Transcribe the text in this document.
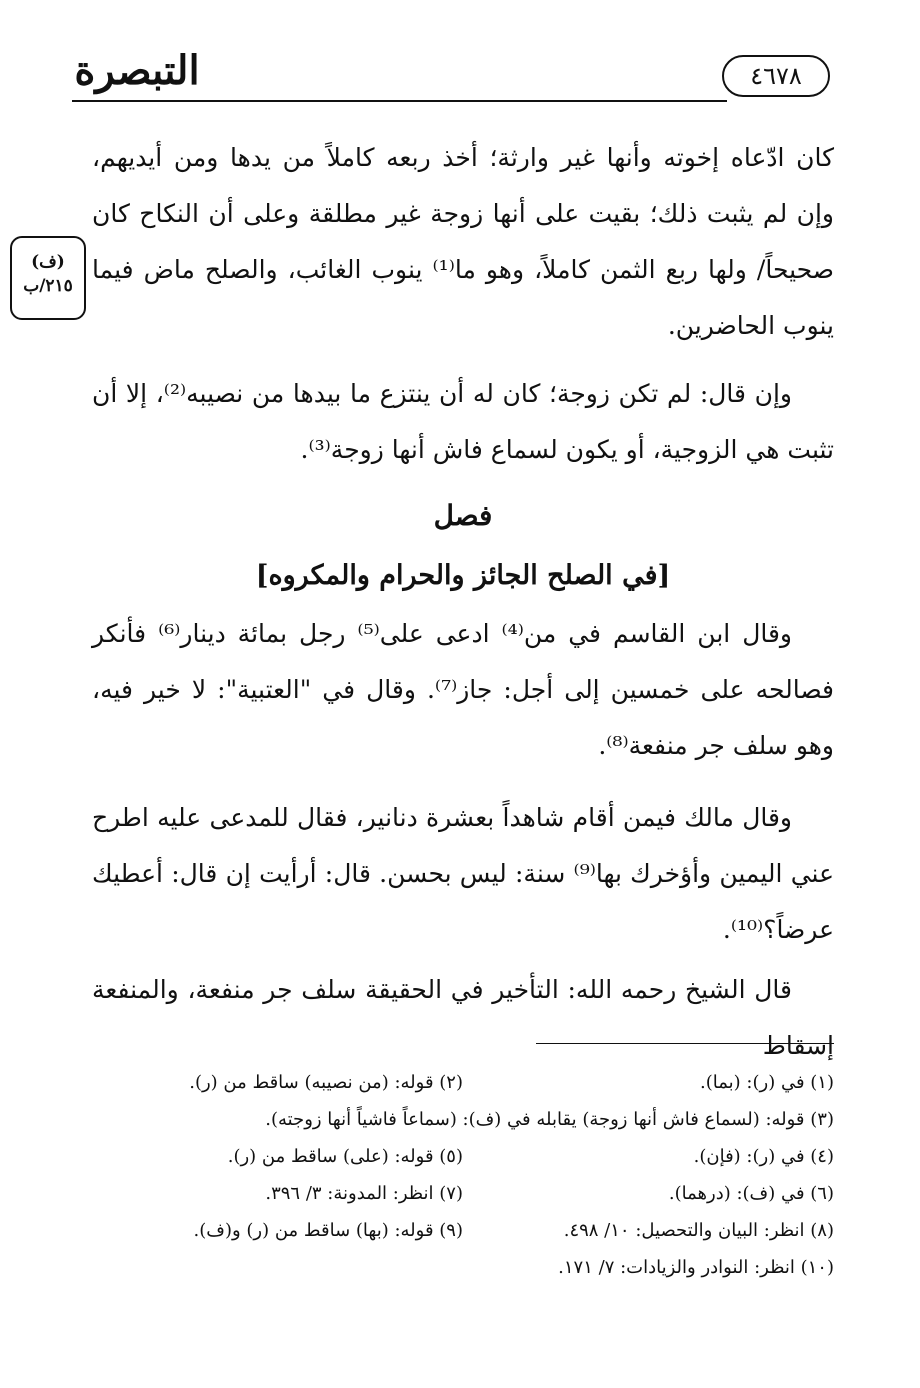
٤٦٧٨
التبصرة
(ف)
٢١٥/ب
كان ادّعاه إخوته وأنها غير وارثة؛ أخذ ربعه كاملاً من يدها ومن أيديهم، وإن لم يثبت ذلك؛ بقيت على أنها زوجة غير مطلقة وعلى أن النكاح كان صحيحاً/ ولها ربع الثمن كاملاً، وهو ما⁽¹⁾ ينوب الغائب، والصلح ماض فيما ينوب الحاضرين.
وإن قال: لم تكن زوجة؛ كان له أن ينتزع ما بيدها من نصيبه⁽²⁾، إلا أن تثبت هي الزوجية، أو يكون لسماع فاش أنها زوجة⁽³⁾.
فصل
[في الصلح الجائز والحرام والمكروه]
وقال ابن القاسم في من⁽⁴⁾ ادعى على⁽⁵⁾ رجل بمائة دينار⁽⁶⁾ فأنكر فصالحه على خمسين إلى أجل: جاز⁽⁷⁾. وقال في "العتبية": لا خير فيه، وهو سلف جر منفعة⁽⁸⁾.
وقال مالك فيمن أقام شاهداً بعشرة دنانير، فقال للمدعى عليه اطرح عني اليمين وأؤخرك بها⁽⁹⁾ سنة: ليس بحسن. قال: أرأيت إن قال: أعطيك عرضاً؟⁽¹⁰⁾.
قال الشيخ رحمه الله: التأخير في الحقيقة سلف جر منفعة، والمنفعة إسقاط
(١) في (ر): (بما).
(٢) قوله: (من نصيبه) ساقط من (ر).
(٣) قوله: (لسماع فاش أنها زوجة) يقابله في (ف): (سماعاً فاشياً أنها زوجته).
(٤) في (ر): (فإن).
(٥) قوله: (على) ساقط من (ر).
(٦) في (ف): (درهما).
(٧) انظر: المدونة: ٣/ ٣٩٦.
(٨) انظر: البيان والتحصيل: ١٠/ ٤٩٨.
(٩) قوله: (بها) ساقط من (ر) و(ف).
(١٠) انظر: النوادر والزيادات: ٧/ ١٧١.
